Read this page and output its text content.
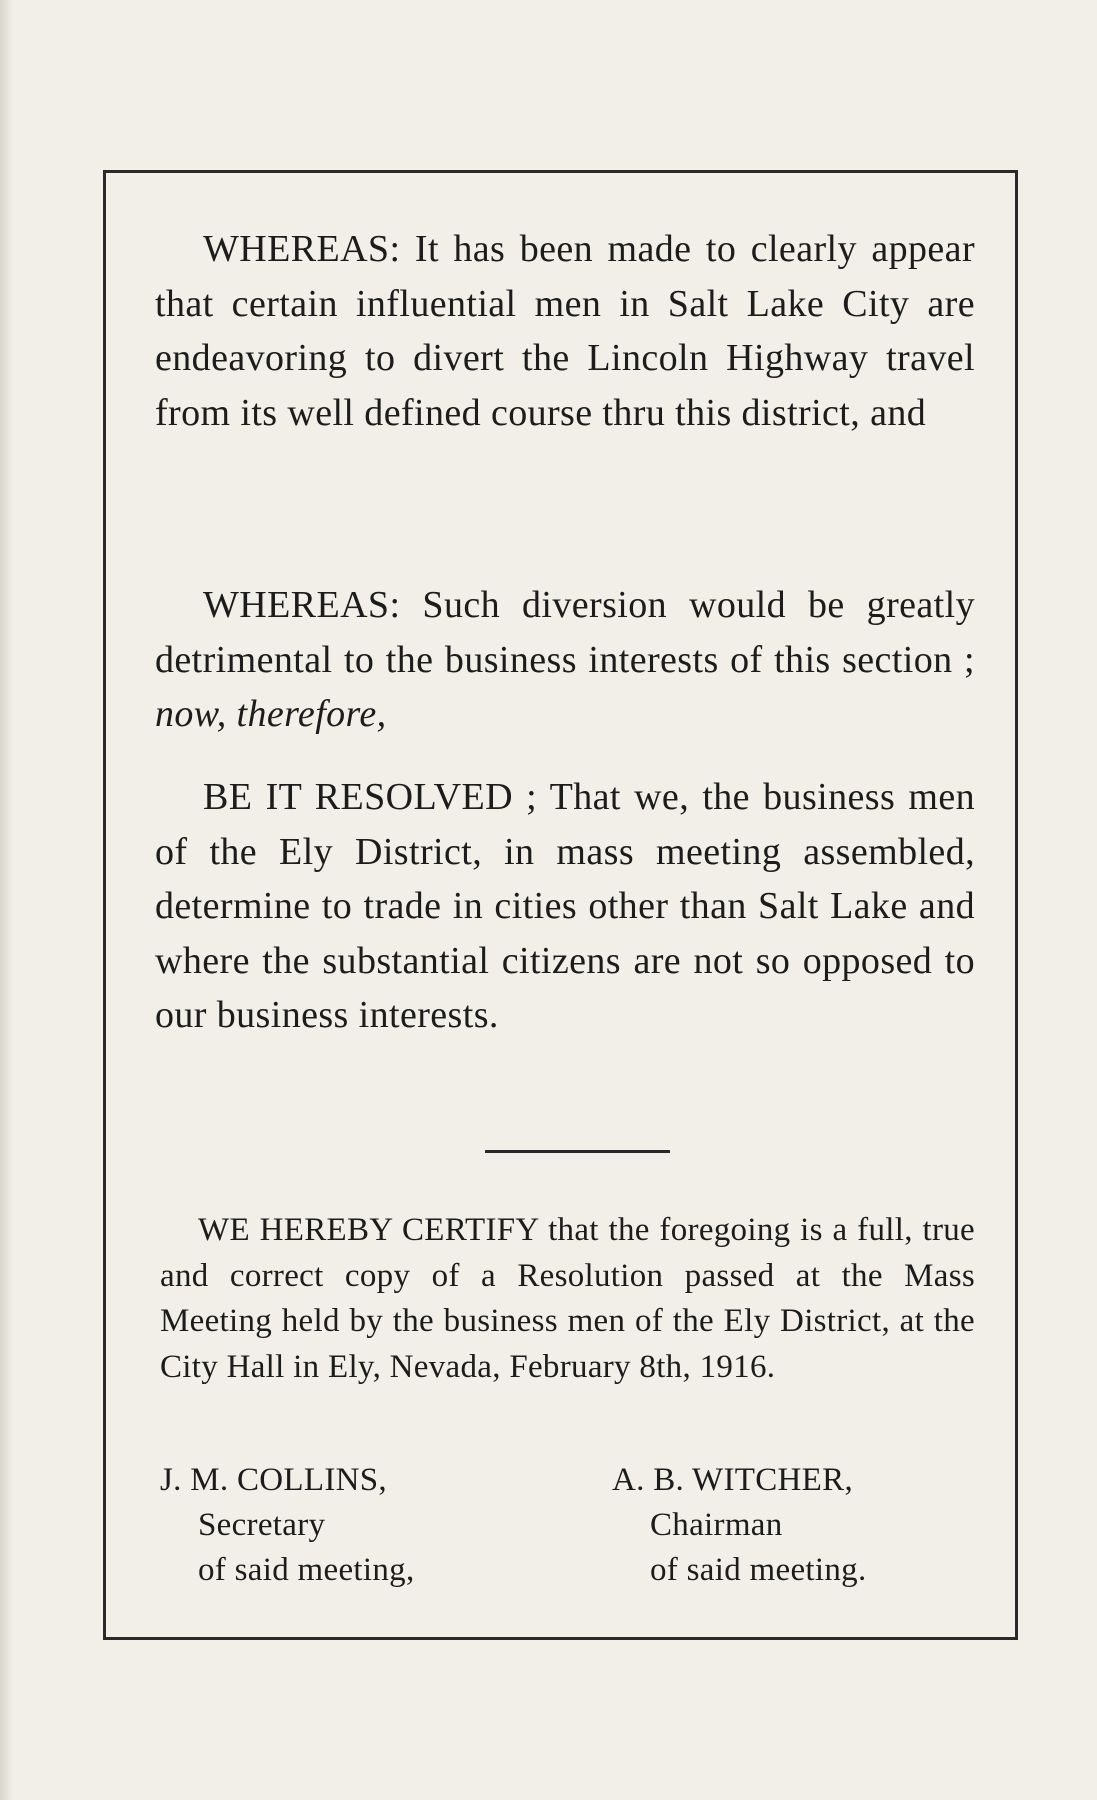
WHEREAS: It has been made to clearly appear that certain influential men in Salt Lake City are endeavoring to divert the Lincoln Highway travel from its well defined course thru this district, and

WHEREAS: Such diversion would be greatly detrimental to the business interests of this section ; now, therefore,

BE IT RESOLVED ; That we, the business men of the Ely District, in mass meeting assembled, determine to trade in cities other than Salt Lake and where the substantial citizens are not so opposed to our business interests.

WE HEREBY CERTIFY that the foregoing is a full, true and correct copy of a Resolution passed at the Mass Meeting held by the business men of the Ely District, at the City Hall in Ely, Nevada, February 8th, 1916.

J. M. COLLINS,
Secretary
of said meeting,
A. B. WITCHER,
Chairman
of said meeting.
